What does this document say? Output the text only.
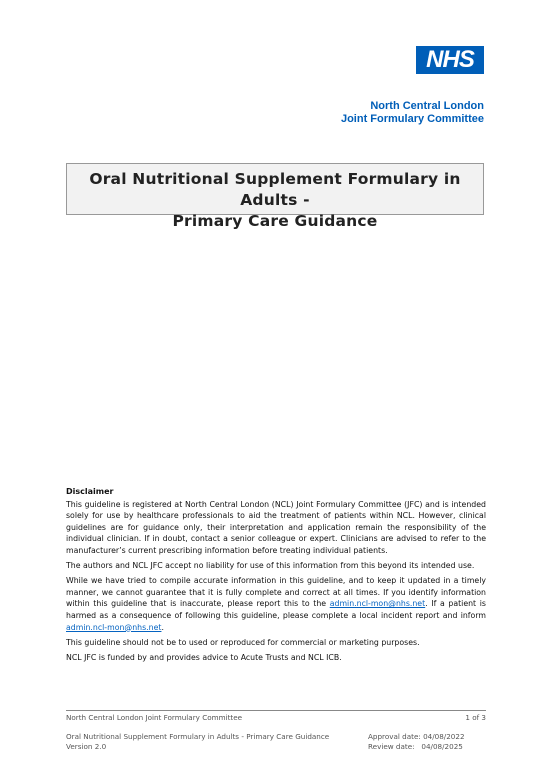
NHS
North Central London
Joint Formulary Committee
Oral Nutritional Supplement Formulary in Adults -
Primary Care Guidance
Disclaimer

This guideline is registered at North Central London (NCL) Joint Formulary Committee (JFC) and is intended solely for use by healthcare professionals to aid the treatment of patients within NCL. However, clinical guidelines are for guidance only, their interpretation and application remain the responsibility of the individual clinician. If in doubt, contact a senior colleague or expert. Clinicians are advised to refer to the manufacturer’s current prescribing information before treating individual patients.

The authors and NCL JFC accept no liability for use of this information from this beyond its intended use.

While we have tried to compile accurate information in this guideline, and to keep it updated in a timely manner, we cannot guarantee that it is fully complete and correct at all times. If you identify information within this guideline that is inaccurate, please report this to the admin.ncl-mon@nhs.net. If a patient is harmed as a consequence of following this guideline, please complete a local incident report and inform admin.ncl-mon@nhs.net.

This guideline should not be to used or reproduced for commercial or marketing purposes.

NCL JFC is funded by and provides advice to Acute Trusts and NCL ICB.

North Central London Joint Formulary Committee	1 of 3
Oral Nutritional Supplement Formulary in Adults - Primary Care Guidance	Approval date: 04/08/2022
Version 2.0	Review date:   04/08/2025
